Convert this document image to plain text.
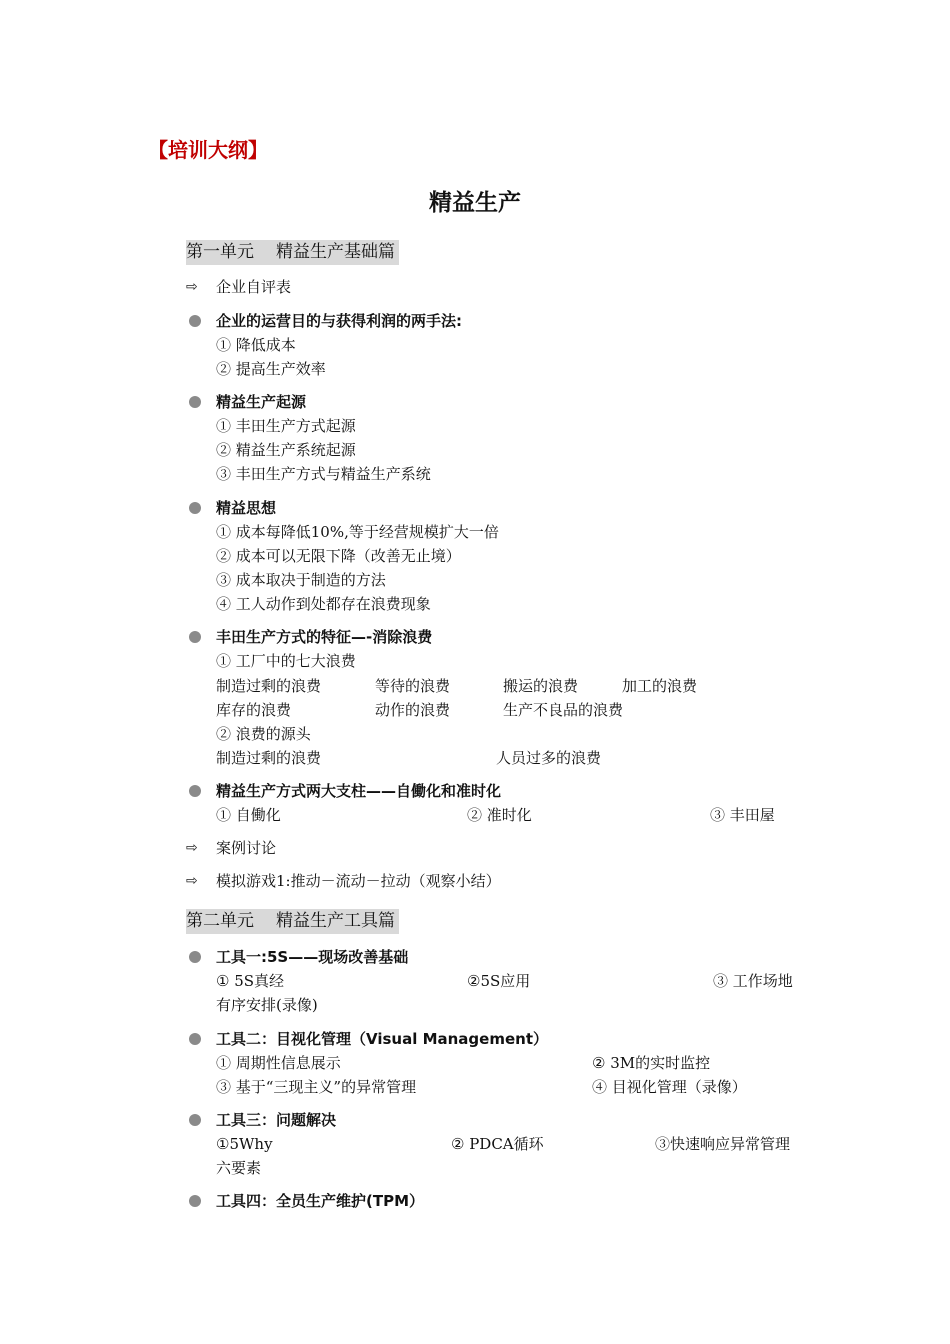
【培训大纲】
精益生产
第一单元 精益生产基础篇
⇨ 企业自评表
企业的运营目的与获得利润的两手法:
① 降低成本
② 提高生产效率
精益生产起源
① 丰田生产方式起源
② 精益生产系统起源
③ 丰田生产方式与精益生产系统
精益思想
① 成本每降低10%,等于经营规模扩大一倍
② 成本可以无限下降（改善无止境）
③ 成本取决于制造的方法
④ 工人动作到处都存在浪费现象
丰田生产方式的特征—-消除浪费
① 工厂中的七大浪费
制造过剩的浪费	等待的浪费	搬运的浪费	加工的浪费
库存的浪费	动作的浪费	生产不良品的浪费
② 浪费的源头
制造过剩的浪费	人员过多的浪费
精益生产方式两大支柱——自働化和准时化
① 自働化	② 准时化	③ 丰田屋
⇨ 案例讨论
⇨ 模拟游戏1:推动－流动－拉动（观察小结）
第二单元 精益生产工具篇
工具一:5S——现场改善基础
① 5S真经	②5S应用	③ 工作场地
有序安排(录像)
工具二：目视化管理（Visual Management）
① 周期性信息展示	② 3M的实时监控
③ 基于“三现主义”的异常管理	④ 目视化管理（录像）
工具三：问题解决
①5Why	② PDCA循环	③快速响应异常管理
六要素
工具四：全员生产维护(TPM）
